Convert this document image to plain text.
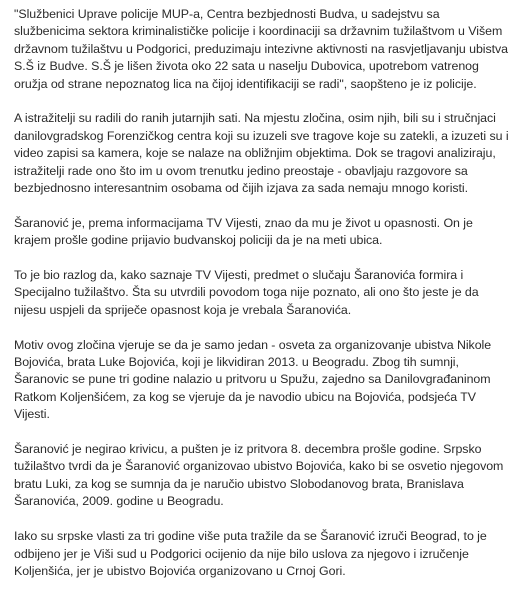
"Službenici Uprave policije MUP-a, Centra bezbjednosti Budva, u sadejstvu sa službenicima sektora kriminalističke policije i koordinaciji sa državnim tužilaštvom u Višem državnom tužilaštvu u Podgorici, preduzimaju intezivne aktivnosti na rasvjetljavanju ubistva S.Š iz Budve. S.Š je lišen života oko 22 sata u naselju Dubovica, upotrebom vatrenog oružja od strane nepoznatog lica na čijoj identifikaciji se radi", saopšteno je iz policije.

A istražitelji su radili do ranih jutarnjih sati. Na mjestu zločina, osim njih, bili su i stručnjaci danilovgradskog Forenzičkog centra koji su izuzeli sve tragove koje su zatekli, a izuzeti su i video zapisi sa kamera, koje se nalaze na obližnjim objektima. Dok se tragovi analiziraju, istražitelji rade ono što im u ovom trenutku jedino preostaje - obavljaju razgovore sa bezbjednosno interesantnim osobama od čijih izjava za sada nemaju mnogo koristi.

Šaranović je, prema informacijama TV Vijesti, znao da mu je život u opasnosti. On je krajem prošle godine prijavio budvanskoj policiji da je na meti ubica.

To je bio razlog da, kako saznaje TV Vijesti, predmet o slučaju Šaranovića formira i Specijalno tužilaštvo. Šta su utvrdili povodom toga nije poznato, ali ono što jeste je da nijesu uspjeli da spriječe opasnost koja je vrebala Šaranovića.

Motiv ovog zločina vjeruje se da je samo jedan - osveta za organizovanje ubistva Nikole Bojovića, brata Luke Bojovića, koji je likvidiran 2013. u Beogradu. Zbog tih sumnji, Šaranovic se pune tri godine nalazio u pritvoru u Spužu, zajedno sa Danilovgrađaninom Ratkom Koljenšićem, za kog se vjeruje da je navodio ubicu na Bojovića, podsjeća TV Vijesti.

Šaranović je negirao krivicu, a pušten je iz pritvora 8. decembra prošle godine. Srpsko tužilaštvo tvrdi da je Šaranović organizovao ubistvo Bojovića, kako bi se osvetio njegovom bratu Luki, za kog se sumnja da je naručio ubistvo Slobodanovog brata, Branislava Šaranovića, 2009. godine u Beogradu.

Iako su srpske vlasti za tri godine više puta tražile da se Šaranović izruči Beograd, to je odbijeno jer je Viši sud u Podgorici ocijenio da nije bilo uslova za njegovo i izručenje Koljenšića, jer je ubistvo Bojovića organizovano u Crnoj Gori.
